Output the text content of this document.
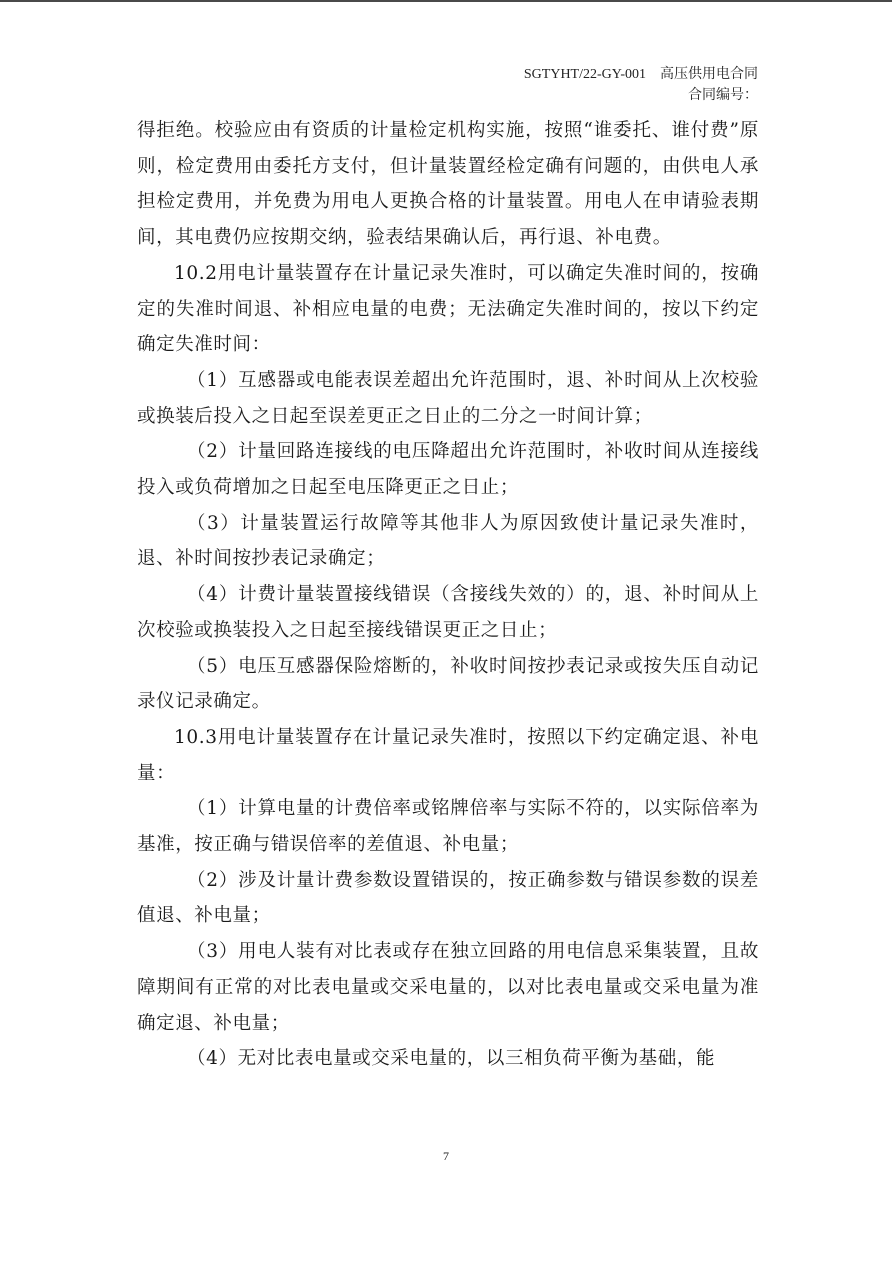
SGTYHT/22-GY-001 高压供用电合同
合同编号：

得拒绝。校验应由有资质的计量检定机构实施，按照“谁委托、谁付费”原则，检定费用由委托方支付，但计量装置经检定确有问题的，由供电人承担检定费用，并免费为用电人更换合格的计量装置。用电人在申请验表期间，其电费仍应按期交纳，验表结果确认后，再行退、补电费。

10.2用电计量装置存在计量记录失准时，可以确定失准时间的，按确定的失准时间退、补相应电量的电费；无法确定失准时间的，按以下约定确定失准时间：

（1）互感器或电能表误差超出允许范围时，退、补时间从上次校验或换装后投入之日起至误差更正之日止的二分之一时间计算；

（2）计量回路连接线的电压降超出允许范围时，补收时间从连接线投入或负荷增加之日起至电压降更正之日止；

（3）计量装置运行故障等其他非人为原因致使计量记录失准时，退、补时间按抄表记录确定；

（4）计费计量装置接线错误（含接线失效的）的，退、补时间从上次校验或换装投入之日起至接线错误更正之日止；

（5）电压互感器保险熔断的，补收时间按抄表记录或按失压自动记录仪记录确定。

10.3用电计量装置存在计量记录失准时，按照以下约定确定退、补电量：

（1）计算电量的计费倍率或铭牌倍率与实际不符的，以实际倍率为基准，按正确与错误倍率的差值退、补电量；

（2）涉及计量计费参数设置错误的，按正确参数与错误参数的误差值退、补电量；

（3）用电人装有对比表或存在独立回路的用电信息采集装置，且故障期间有正常的对比表电量或交采电量的，以对比表电量或交采电量为准确定退、补电量；

（4）无对比表电量或交采电量的，以三相负荷平衡为基础，能

7
